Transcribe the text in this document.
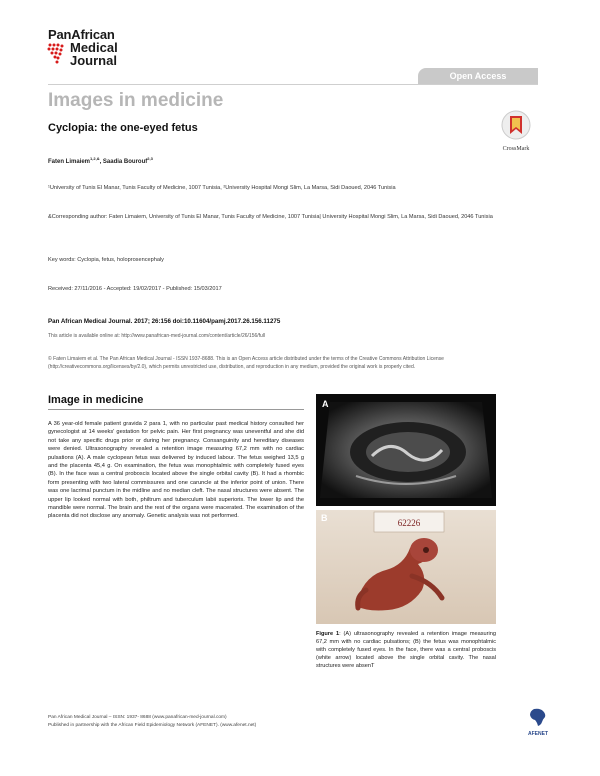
PanAfrican
Medical
Journal
Open Access
Images in medicine
Cyclopia: the one-eyed fetus
CrossMark
Faten Limaiem$^{1,2,\&}$, Saadia Bourouf$^{2,3}$
¹University of Tunis El Manar, Tunis Faculty of Medicine, 1007 Tunisia, ²University Hospital Mongi Slim, La Marsa, Sidi Daoued, 2046 Tunisia
&Corresponding author: Faten Limaiem, University of Tunis El Manar, Tunis Faculty of Medicine, 1007 Tunisia| University Hospital Mongi Slim, La Marsa, Sidi Daoued, 2046 Tunisia
Key words: Cyclopia, fetus, holoprosencephaly
Received: 27/11/2016 - Accepted: 19/02/2017 - Published: 15/03/2017
Pan African Medical Journal. 2017; 26:156 doi:10.11604/pamj.2017.26.156.11275
This article is available online at: http://www.panafrican-med-journal.com/content/article/26/156/full
© Faten Limaiem et al. The Pan African Medical Journal - ISSN 1937-8688. This is an Open Access article distributed under the terms of the Creative Commons Attribution License (http://creativecommons.org/licenses/by/2.0), which permits unrestricted use, distribution, and reproduction in any medium, provided the original work is properly cited.
Image in medicine
A 36 year-old female patient gravida 2 para 1, with no particular past medical history consulted her gynecologist at 14 weeks' gestation for pelvic pain. Her first pregnancy was uneventful and she did not take any specific drugs prior or during her pregnancy. Consanguinity and hereditary diseases were denied. Ultrasonography revealed a retention image measuring 67,2 mm with no cardiac pulsations (A). A male cyclopean fetus was delivered by induced labour. The fetus weighed 13,5 g and the placenta 45,4 g. On examination, the fetus was monophtalmic with completely fused eyes (B). In the face was a central proboscis located above the single orbital cavity (B). It had a rhombic form presenting with two lateral commissures and one caruncle at the inferior point of union. There was one lacrimal punctum in the midline and no median cleft. The nasal structures were absent. The upper lip looked normal with both, philtrum and tuberculum labii superioris. The lower lip and the mandible were normal. The brain and the rest of the organs were macerated. The examination of the placenta did not disclose any anomaly. Genetic analysis was not performed.
A
62226
B
Figure 1: (A) ultrasonography revealed a retention image measuring 67,2 mm with no cardiac pulsations; (B) the fetus was monophtalmic with completely fused eyes. In the face, there was a central proboscis (white arrow) located above the single orbital cavity. The nasal structures were absenT
Pan African Medical Journal – ISSN: 1937- 8688 (www.panafrican-med-journal.com)
Published in partnership with the African Field Epidemiology Network (AFENET). (www.afenet.net)
AFENET
